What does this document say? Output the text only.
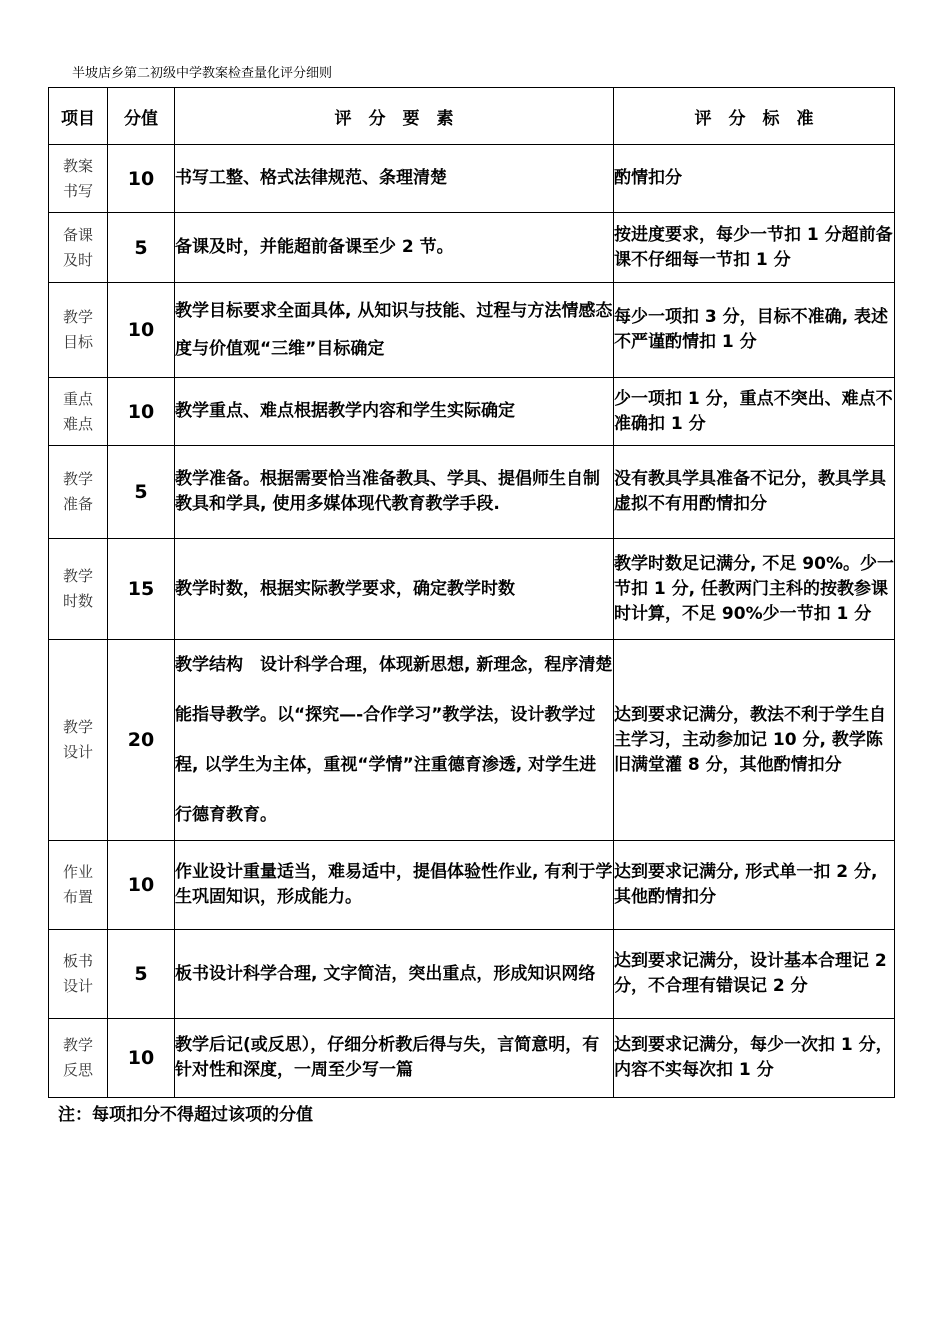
半坡店乡第二初级中学教案检查量化评分细则
项目	分值	评　分　要　素	评　分　标　准

教案
书写	10	书写工整、格式法律规范、条理清楚	酌情扣分

备课
及时	5	备课及时，并能超前备课至少 2 节。	按进度要求，每少一节扣 1 分超前备课不仔细每一节扣 1 分

教学
目标	10	教学目标要求全面具体, 从知识与技能、过程与方法情感态度与价值观“三维”目标确定	每少一项扣 3 分，目标不准确, 表述不严谨酌情扣 1 分

重点
难点	10	教学重点、难点根据教学内容和学生实际确定	少一项扣 1 分，重点不突出、难点不准确扣 1 分

教学
准备	5	教学准备。根据需要恰当准备教具、学具、提倡师生自制教具和学具, 使用多媒体现代教育教学手段.	没有教具学具准备不记分，教具学具虚拟不有用酌情扣分

教学
时数	15	教学时数，根据实际教学要求，确定教学时数	教学时数足记满分, 不足 90%。少一节扣 1 分, 任教两门主科的按教参课时计算，不足 90%少一节扣 1 分

教学
设计	20	教学结构　设计科学合理，体现新思想, 新理念，程序清楚能指导教学。以“探究—-合作学习”教学法，设计教学过程, 以学生为主体，重视“学情”注重德育渗透, 对学生进行德育教育。	达到要求记满分，教法不利于学生自主学习，主动参加记 10 分, 教学陈旧满堂灌 8 分，其他酌情扣分

作业
布置	10	作业设计重量适当，难易适中，提倡体验性作业, 有利于学生巩固知识，形成能力。	达到要求记满分, 形式单一扣 2 分, 其他酌情扣分

板书
设计	5	板书设计科学合理, 文字简洁，突出重点，形成知识网络	达到要求记满分，设计基本合理记 2 分，不合理有错误记 2 分

教学
反思	10	教学后记(或反思），仔细分析教后得与失，言简意明，有针对性和深度，一周至少写一篇	达到要求记满分，每少一次扣 1 分，内容不实每次扣 1 分
注：每项扣分不得超过该项的分值
